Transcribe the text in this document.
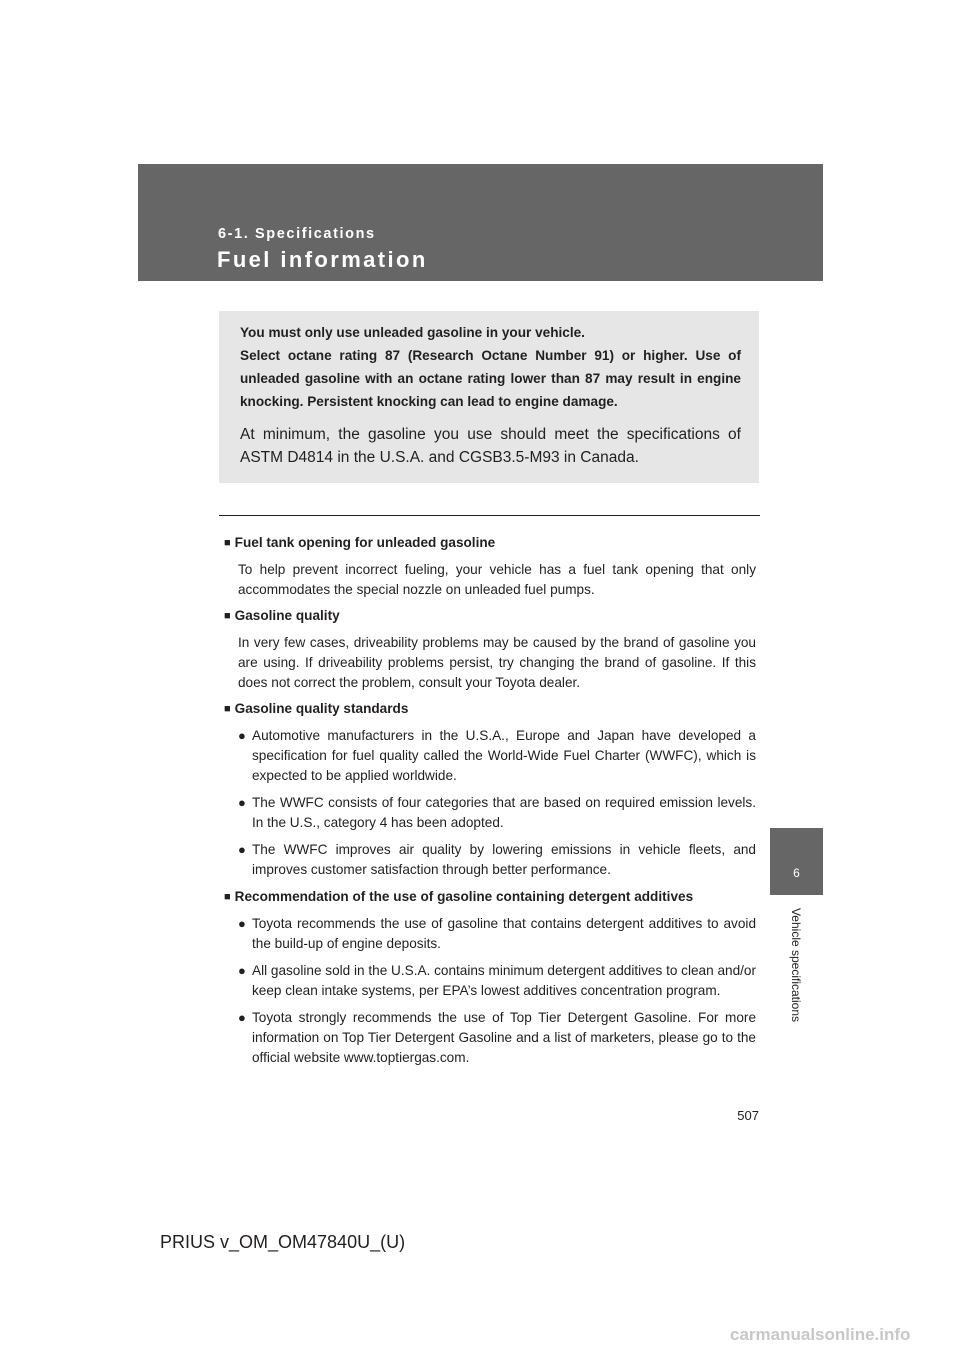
6-1. Specifications
Fuel information
6
Vehicle specifications

You must only use unleaded gasoline in your vehicle.

Select octane rating 87 (Research Octane Number 91) or higher. Use of unleaded gasoline with an octane rating lower than 87 may result in engine knocking. Persistent knocking can lead to engine damage.

At minimum, the gasoline you use should meet the specifications of ASTM D4814 in the U.S.A. and CGSB3.5-M93 in Canada.
■ Fuel tank opening for unleaded gasoline
To help prevent incorrect fueling, your vehicle has a fuel tank opening that only accommodates the special nozzle on unleaded fuel pumps.
■ Gasoline quality
In very few cases, driveability problems may be caused by the brand of gasoline you are using. If driveability problems persist, try changing the brand of gasoline. If this does not correct the problem, consult your Toyota dealer.
■ Gasoline quality standards
● Automotive manufacturers in the U.S.A., Europe and Japan have developed a specification for fuel quality called the World-Wide Fuel Charter (WWFC), which is expected to be applied worldwide.
● The WWFC consists of four categories that are based on required emission levels. In the U.S., category 4 has been adopted.
● The WWFC improves air quality by lowering emissions in vehicle fleets, and improves customer satisfaction through better performance.
■ Recommendation of the use of gasoline containing detergent additives
● Toyota recommends the use of gasoline that contains detergent additives to avoid the build-up of engine deposits.
● All gasoline sold in the U.S.A. contains minimum detergent additives to clean and/or keep clean intake systems, per EPA’s lowest additives concentration program.
● Toyota strongly recommends the use of Top Tier Detergent Gasoline. For more information on Top Tier Detergent Gasoline and a list of marketers, please go to the official website www.toptiergas.com.
507
PRIUS v_OM_OM47840U_(U)
carmanualsonline.info
